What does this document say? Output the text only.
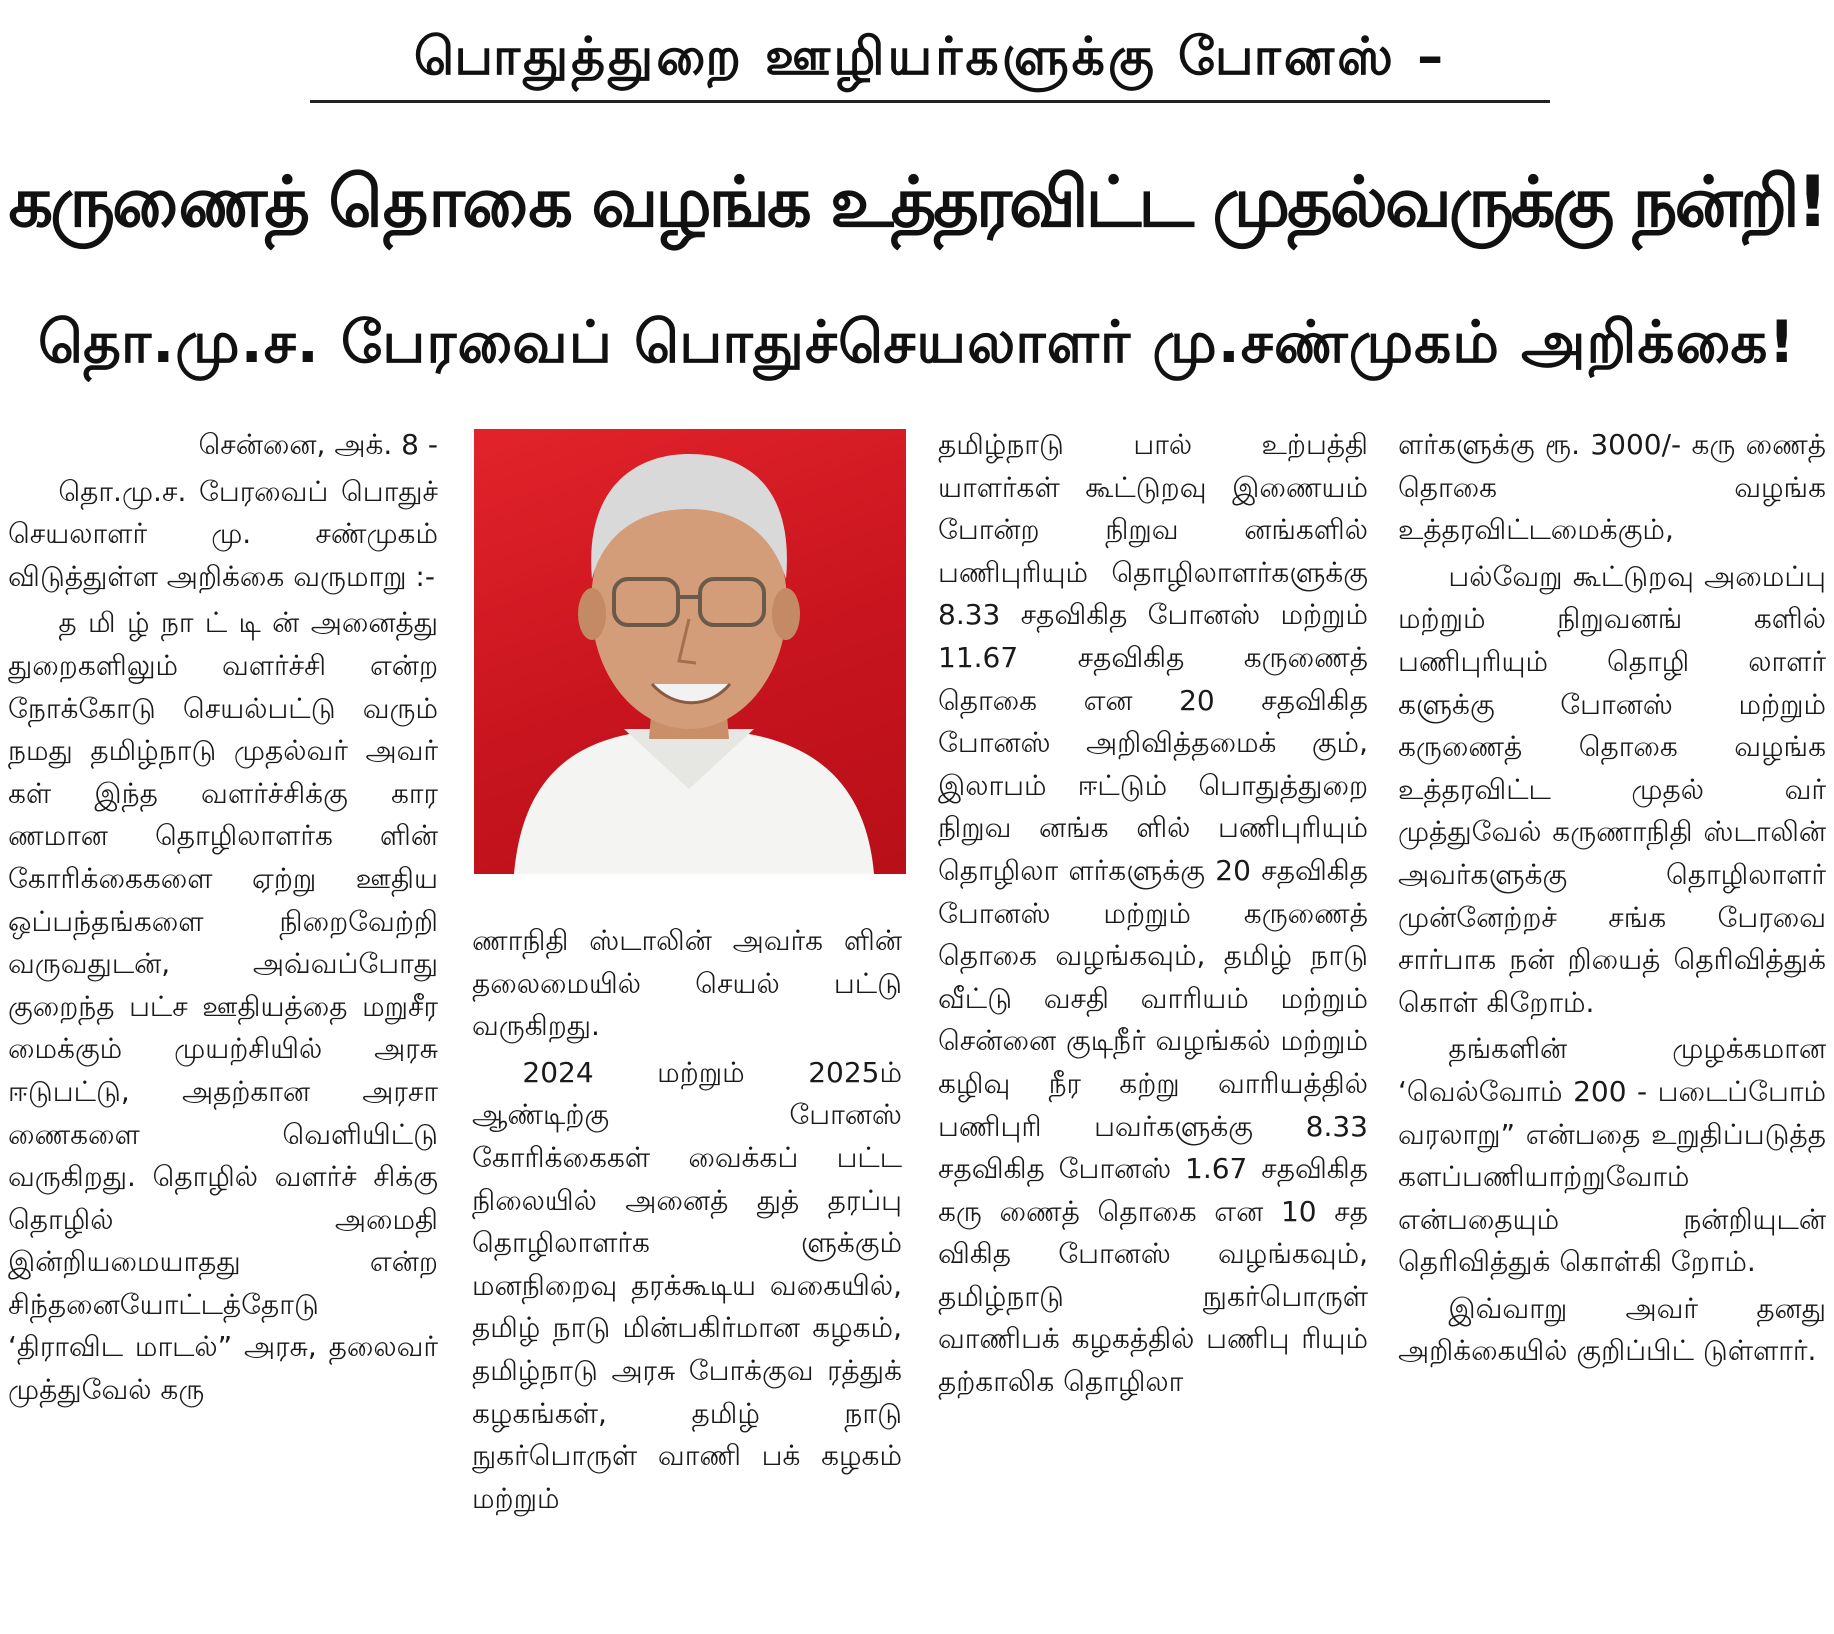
பொதுத்துறை ஊழியர்களுக்கு போனஸ் –
கருணைத் தொகை வழங்க உத்தரவிட்ட முதல்வருக்கு நன்றி!
தொ.மு.ச. பேரவைப் பொதுச்செயலாளர் மு.சண்முகம் அறிக்கை!

சென்னை, அக். 8 -

தொ.மு.ச. பேரவைப் பொதுச் செயலாளர் மு. சண்முகம் விடுத்துள்ள அறிக்கை வருமாறு :-

த மி ழ் நா ட் டி ன் அனைத்து துறைகளிலும் வளர்ச்சி என்ற நோக்கோடு செயல்பட்டு வரும் நமது தமிழ்நாடு முதல்வர் அவர் கள் இந்த வளர்ச்சிக்கு கார ணமான தொழிலாளர்க ளின் கோரிக்கைகளை ஏற்று ஊதிய ஒப்பந்தங்களை நிறைவேற்றி வருவதுடன், அவ்வப்போது குறைந்த பட்ச ஊதியத்தை மறுசீர மைக்கும் முயற்சியில் அரசு ஈடுபட்டு, அதற்கான அரசா ணைகளை வெளியிட்டு வருகிறது. தொழில் வளர்ச் சிக்கு தொழில் அமைதி இன்றியமையாதது என்ற சிந்தனையோட்டத்தோடு ‘திராவிட மாடல்” அரசு, தலைவர் முத்துவேல் கரு

ணாநிதி ஸ்டாலின் அவர்க ளின் தலைமையில் செயல் பட்டு வருகிறது.

2024 மற்றும் 2025ம் ஆண்டிற்கு போனஸ் கோரிக்கைகள் வைக்கப் பட்ட நிலையில் அனைத் துத் தரப்பு தொழிலாளர்க ளுக்கும் மனநிறைவு தரக்கூடிய வகையில், தமிழ் நாடு மின்பகிர்மான கழகம், தமிழ்நாடு அரசு போக்குவ ரத்துக் கழகங்கள், தமிழ் நாடு நுகர்பொருள் வாணி பக் கழகம் மற்றும்

தமிழ்நாடு பால் உற்பத்தி யாளர்கள் கூட்டுறவு இணையம் போன்ற நிறுவ னங்களில் பணிபுரியும் தொழிலாளர்களுக்கு 8.33 சதவிகித போனஸ் மற்றும் 11.67 சதவிகித கருணைத் தொகை என 20 சதவிகித போனஸ் அறிவித்தமைக் கும், இலாபம் ஈட்டும் பொதுத்துறை நிறுவ னங்க ளில் பணிபுரியும் தொழிலா ளர்களுக்கு 20 சதவிகித போனஸ் மற்றும் கருணைத் தொகை வழங்கவும், தமிழ் நாடு வீட்டு வசதி வாரியம் மற்றும் சென்னை குடிநீர் வழங்கல் மற்றும் கழிவு நீர கற்று வாரியத்தில் பணிபுரி பவர்களுக்கு 8.33 சதவிகித போனஸ் 1.67 சதவிகித கரு ணைத் தொகை என 10 சத விகித போனஸ் வழங்கவும், தமிழ்நாடு நுகர்பொருள் வாணிபக் கழகத்தில் பணிபு ரியும் தற்காலிக தொழிலா

ளர்களுக்கு ரூ. 3000/- கரு ணைத் தொகை வழங்க உத்தரவிட்டமைக்கும்,

பல்வேறு கூட்டுறவு அமைப்பு மற்றும் நிறுவனங் களில் பணிபுரியும் தொழி லாளர் களுக்கு போனஸ் மற்றும் கருணைத் தொகை வழங்க உத்தரவிட்ட முதல் வர் முத்துவேல் கருணாநிதி ஸ்டாலின் அவர்களுக்கு தொழிலாளர் முன்னேற்றச் சங்க பேரவை சார்பாக நன் றியைத் தெரிவித்துக் கொள் கிறோம்.

தங்களின் முழக்கமான ‘வெல்வோம் 200 - படைப்போம் வரலாறு” என்பதை உறுதிப்படுத்த களப்பணியாற்றுவோம் என்பதையும் நன்றியுடன் தெரிவித்துக் கொள்கி றோம்.

இவ்வாறு அவர் தனது அறிக்கையில் குறிப்பிட் டுள்ளார்.
